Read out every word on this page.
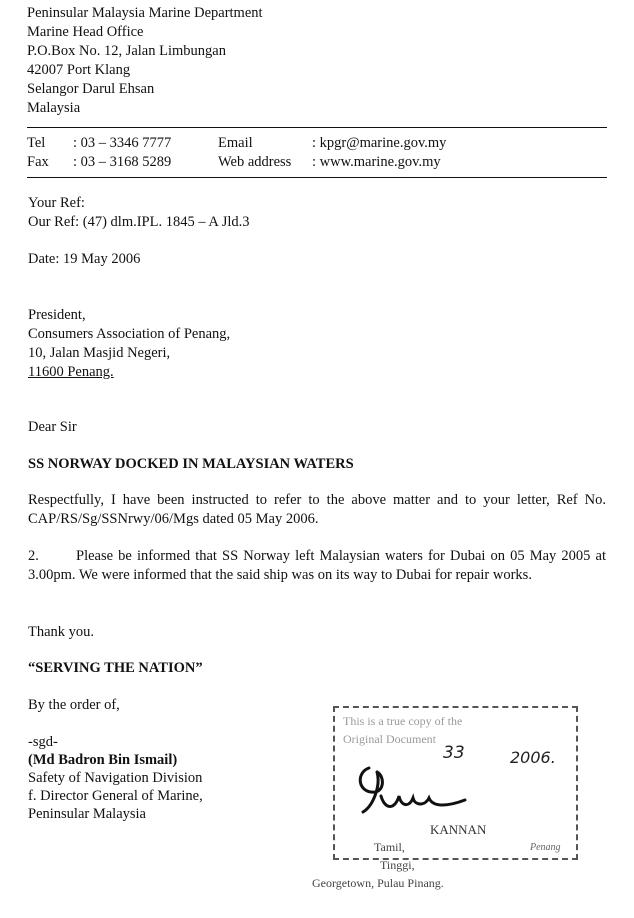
Peninsular Malaysia Marine Department
Marine Head Office
P.O.Box No. 12, Jalan Limbungan
42007 Port Klang
Selangor Darul Ehsan
Malaysia
Tel : 03 – 3346 7777	Email	: kpgr@marine.gov.my
Fax : 03 – 3168 5289	Web address : www.marine.gov.my
Your Ref:
Our Ref: (47) dlm.IPL. 1845 – A Jld.3
Date: 19 May 2006
President,
Consumers Association of Penang,
10, Jalan Masjid Negeri,
11600 Penang.
Dear Sir
SS NORWAY DOCKED IN MALAYSIAN WATERS
Respectfully, I have been instructed to refer to the above matter and to your letter, Ref No. CAP/RS/Sg/SSNrwy/06/Mgs dated 05 May 2006.
2.	Please be informed that SS Norway left Malaysian waters for Dubai on 05 May 2005 at 3.00pm. We were informed that the said ship was on its way to Dubai for repair works.
Thank you.
“SERVING THE NATION”
By the order of,
-sgd-
(Md Badron Bin Ismail)
Safety of Navigation Division
f. Director General of Marine,
Peninsular Malaysia
This is a true copy of the
Original Document
33	2006.
KANNAN
Penang
Tamil,
Tinggi,
Georgetown, Pulau Pinang.
